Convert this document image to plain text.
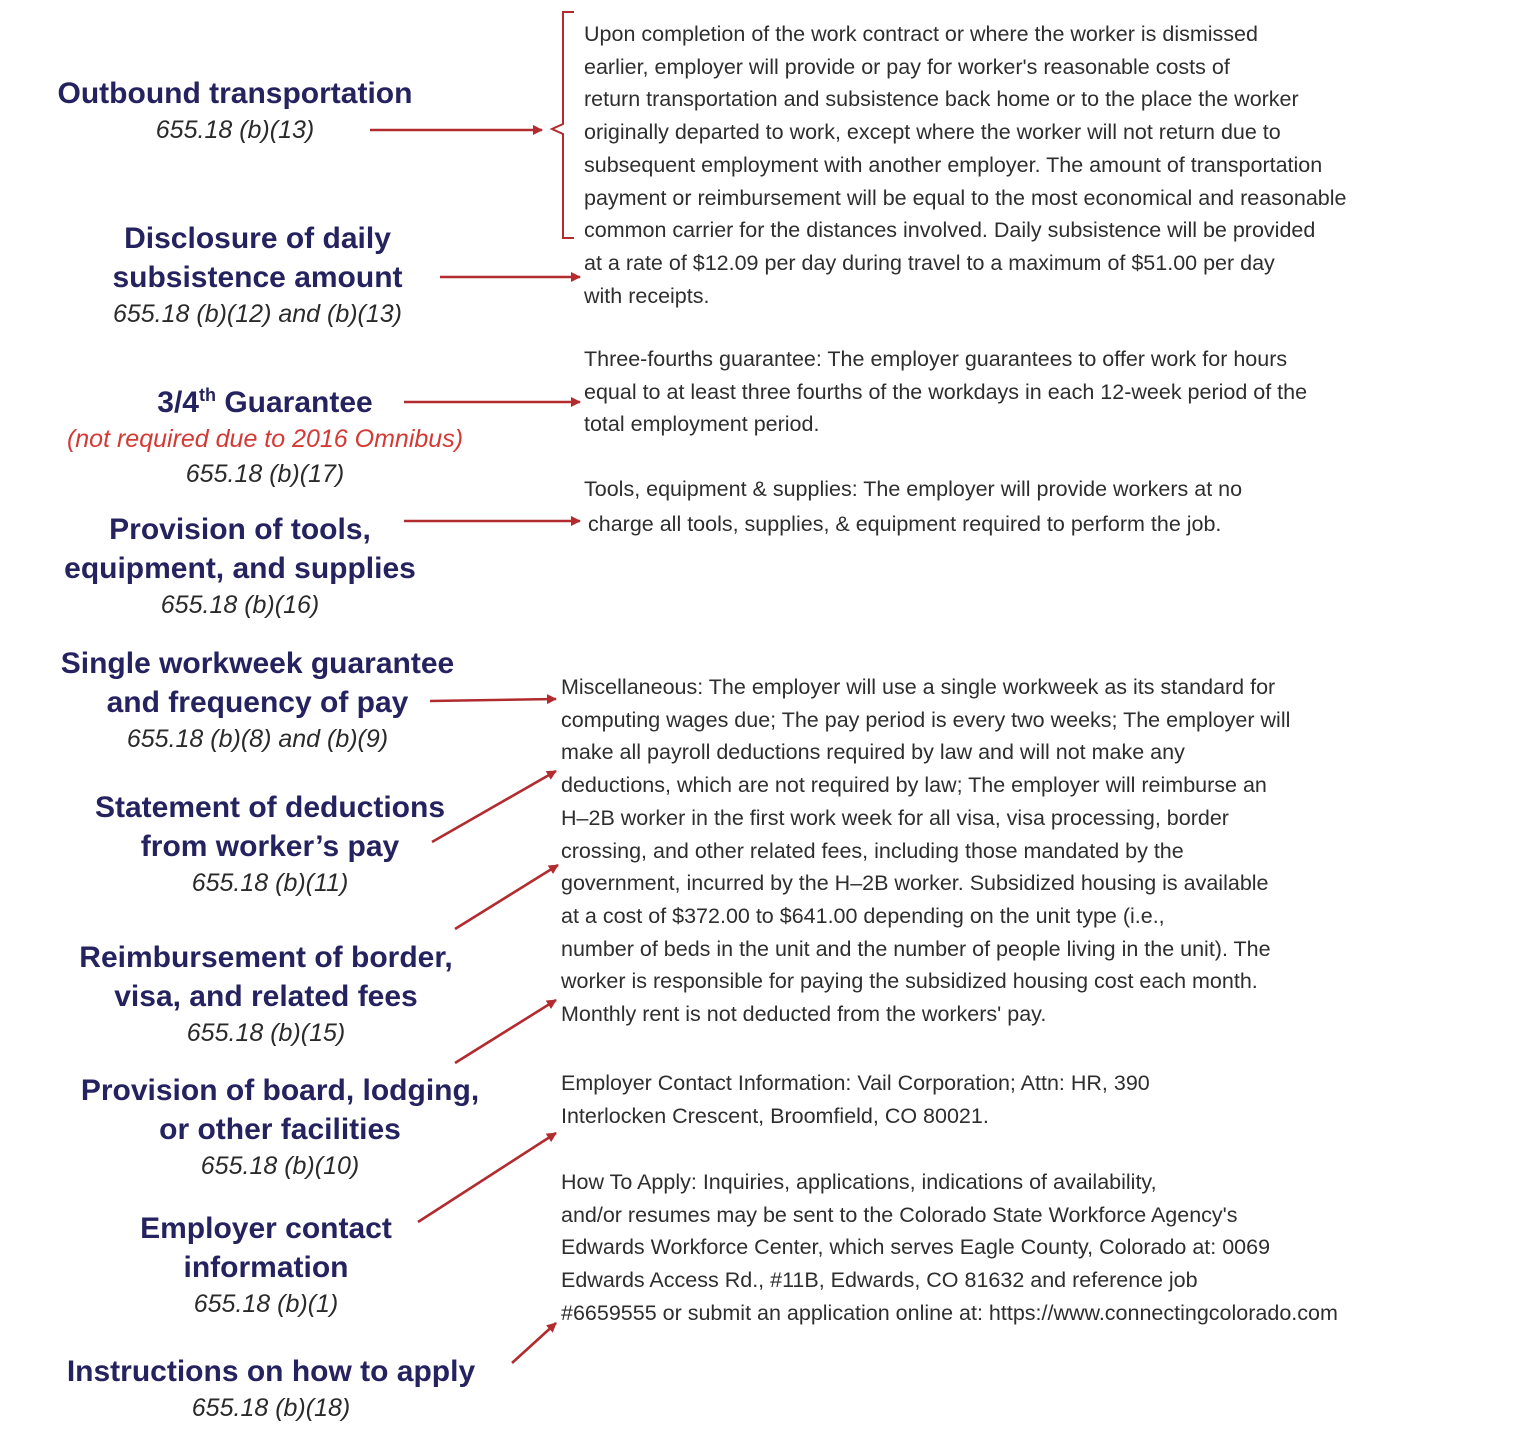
Outbound transportation
655.18 (b)(13)
Disclosure of daily
subsistence amount
655.18 (b)(12) and (b)(13)
3/4th Guarantee
(not required due to 2016 Omnibus)
655.18 (b)(17)
Provision of tools,
equipment, and supplies
655.18 (b)(16)
Single workweek guarantee
and frequency of pay
655.18 (b)(8) and (b)(9)
Statement of deductions
from worker’s pay
655.18 (b)(11)
Reimbursement of border,
visa, and related fees
655.18 (b)(15)
Provision of board, lodging,
or other facilities
655.18 (b)(10)
Employer contact
information
655.18 (b)(1)
Instructions on how to apply
655.18 (b)(18)
Upon completion of the work contract or where the worker is dismissed
earlier, employer will provide or pay for worker's reasonable costs of
return transportation and subsistence back home or to the place the worker
originally departed to work, except where the worker will not return due to
subsequent employment with another employer. The amount of transportation
payment or reimbursement will be equal to the most economical and reasonable
common carrier for the distances involved. Daily subsistence will be provided
at a rate of $12.09 per day during travel to a maximum of $51.00 per day
with receipts.
Three-fourths guarantee: The employer guarantees to offer work for hours
equal to at least three fourths of the workdays in each 12-week period of the
total employment period.
Tools, equipment & supplies: The employer will provide workers at no
charge all tools, supplies, & equipment required to perform the job.
Miscellaneous: The employer will use a single workweek as its standard for
computing wages due; The pay period is every two weeks; The employer will
make all payroll deductions required by law and will not make any
deductions, which are not required by law; The employer will reimburse an
H–2B worker in the first work week for all visa, visa processing, border
crossing, and other related fees, including those mandated by the
government, incurred by the H–2B worker. Subsidized housing is available
at a cost of $372.00 to $641.00 depending on the unit type (i.e.,
number of beds in the unit and the number of people living in the unit). The
worker is responsible for paying the subsidized housing cost each month.
Monthly rent is not deducted from the workers' pay.
Employer Contact Information: Vail Corporation; Attn: HR, 390
Interlocken Crescent, Broomfield, CO 80021.
How To Apply: Inquiries, applications, indications of availability,
and/or resumes may be sent to the Colorado State Workforce Agency's
Edwards Workforce Center, which serves Eagle County, Colorado at: 0069
Edwards Access Rd., #11B, Edwards, CO 81632 and reference job
#6659555 or submit an application online at: https://www.connectingcolorado.com
